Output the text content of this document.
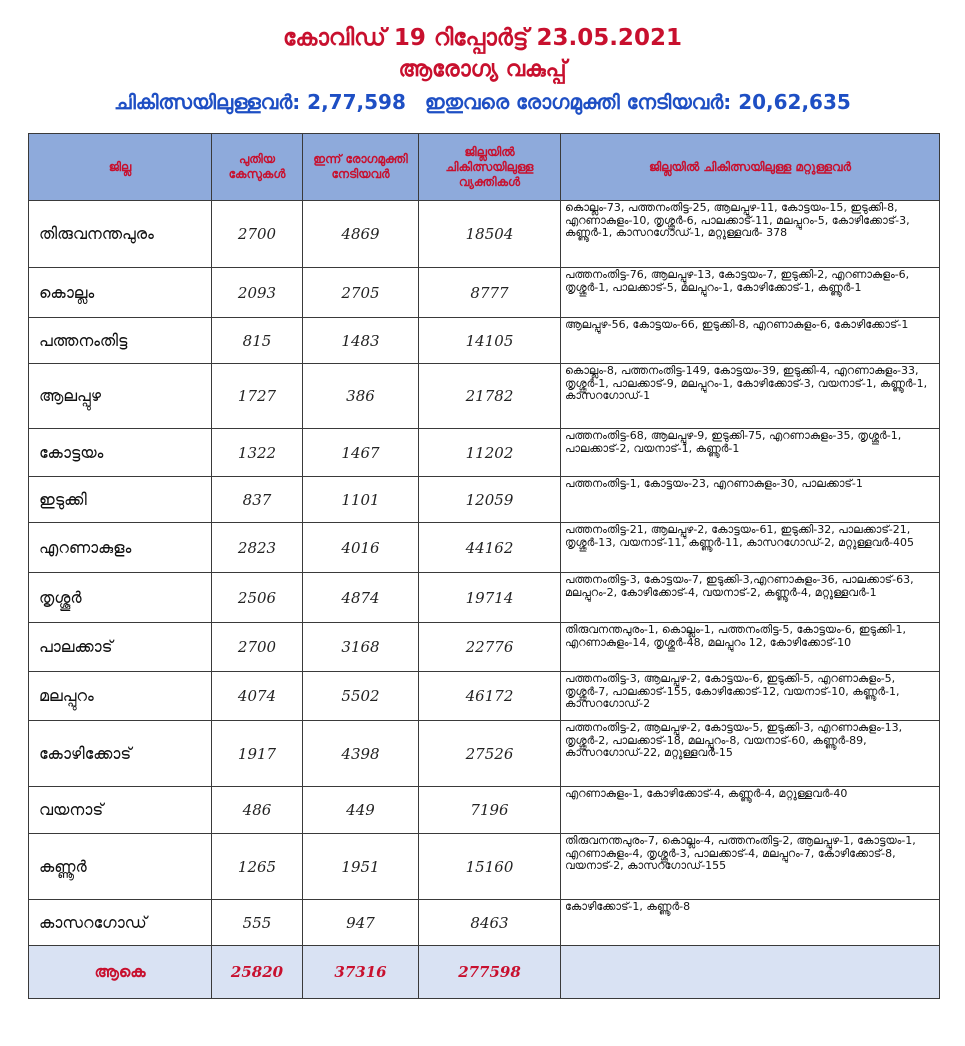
കോവിഡ് 19 റിപ്പോർട്ട് 23.05.2021
ആരോഗ്യ വകുപ്പ്
ചികിത്സയിലുള്ളവർ: 2,77,598 ഇതുവരെ രോഗമുക്തി നേടിയവർ: 20,62,635
ജില്ല	പുതിയ കേസുകൾ	ഇന്ന് രോഗമുക്തി നേടിയവർ	ജില്ലയിൽ ചികിത്സയിലുള്ള വ്യക്തികൾ	ജില്ലയിൽ ചികിത്സയിലുള്ള മറ്റുള്ളവർ
തിരുവനന്തപുരം	2700	4869	18504	കൊല്ലം-73, പത്തനംതിട്ട-25, ആലപ്പുഴ-11, കോട്ടയം-15, ഇടുക്കി-8, എറണാകുളം-10, തൃശ്ശൂർ-6, പാലക്കാട്-11, മലപ്പുറം-5, കോഴിക്കോട്-3, കണ്ണൂർ-1, കാസറഗോഡ്-1, മറ്റുള്ളവർ- 378
കൊല്ലം	2093	2705	8777	പത്തനംതിട്ട-76, ആലപ്പുഴ-13, കോട്ടയം-7, ഇടുക്കി-2, എറണാകുളം-6, തൃശ്ശൂർ-1, പാലക്കാട്-5, മലപ്പുറം-1, കോഴിക്കോട്-1, കണ്ണൂർ-1
പത്തനംതിട്ട	815	1483	14105	ആലപ്പുഴ-56, കോട്ടയം-66, ഇടുക്കി-8, എറണാകുളം-6, കോഴിക്കോട്-1
ആലപ്പുഴ	1727	386	21782	കൊല്ലം-8, പത്തനംതിട്ട-149, കോട്ടയം-39, ഇടുക്കി-4, എറണാകുളം-33, തൃശ്ശൂർ-1, പാലക്കാട്-9, മലപ്പുറം-1, കോഴിക്കോട്-3, വയനാട്-1, കണ്ണൂർ-1, കാസറഗോഡ്-1
കോട്ടയം	1322	1467	11202	പത്തനംതിട്ട-68, ആലപ്പുഴ-9, ഇടുക്കി-75, എറണാകുളം-35, തൃശ്ശൂർ-1, പാലക്കാട്-2, വയനാട്-1, കണ്ണൂർ-1
ഇടുക്കി	837	1101	12059	പത്തനംതിട്ട-1, കോട്ടയം-23, എറണാകുളം-30, പാലക്കാട്-1
എറണാകുളം	2823	4016	44162	പത്തനംതിട്ട-21, ആലപ്പുഴ-2, കോട്ടയം-61, ഇടുക്കി-32, പാലക്കാട്-21, തൃശ്ശൂർ-13, വയനാട്-11, കണ്ണൂർ-11, കാസറഗോഡ്-2, മറ്റുള്ളവർ-405
തൃശ്ശൂർ	2506	4874	19714	പത്തനംതിട്ട-3, കോട്ടയം-7, ഇടുക്കി-3,എറണാകുളം-36, പാലക്കാട്-63, മലപ്പുറം-2, കോഴിക്കോട്-4, വയനാട്-2, കണ്ണൂർ-4, മറ്റുള്ളവർ-1
പാലക്കാട്	2700	3168	22776	തിരുവനന്തപുരം-1, കൊല്ലം-1, പത്തനംതിട്ട-5, കോട്ടയം-6, ഇടുക്കി-1, എറണാകുളം-14, തൃശ്ശൂർ-48, മലപ്പുറം 12, കോഴിക്കോട്-10
മലപ്പുറം	4074	5502	46172	പത്തനംതിട്ട-3, ആലപ്പുഴ-2, കോട്ടയം-6, ഇടുക്കി-5, എറണാകുളം-5, തൃശ്ശൂർ-7, പാലക്കാട്-155, കോഴിക്കോട്-12, വയനാട്-10, കണ്ണൂർ-1, കാസറഗോഡ്-2
കോഴിക്കോട്	1917	4398	27526	പത്തനംതിട്ട-2, ആലപ്പുഴ-2, കോട്ടയം-5, ഇടുക്കി-3, എറണാകുളം-13, തൃശ്ശൂർ-2, പാലക്കാട്-18, മലപ്പുറം-8, വയനാട്-60, കണ്ണൂർ-89, കാസറഗോഡ്-22, മറ്റുള്ളവർ-15
വയനാട്	486	449	7196	എറണാകുളം-1, കോഴിക്കോട്-4, കണ്ണൂർ-4, മറ്റുള്ളവർ-40
കണ്ണൂർ	1265	1951	15160	തിരുവനന്തപുരം-7, കൊല്ലം-4, പത്തനംതിട്ട-2, ആലപ്പുഴ-1, കോട്ടയം-1, എറണാകുളം-4, തൃശ്ശൂർ-3, പാലക്കാട്-4, മലപ്പുറം-7, കോഴിക്കോട്-8, വയനാട്-2, കാസറഗോഡ്-155
കാസറഗോഡ്	555	947	8463	കോഴിക്കോട്-1, കണ്ണൂർ-8
ആകെ	25820	37316	277598	
